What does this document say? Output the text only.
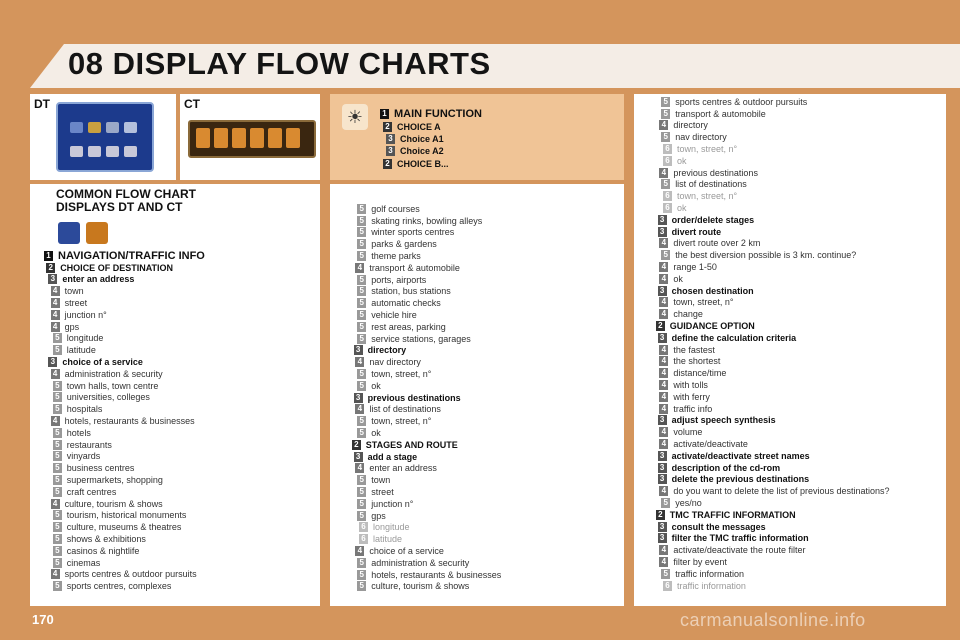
08 DISPLAY FLOW CHARTS
DT	CT
COMMON FLOW CHART
DISPLAYS DT AND CT
☀	1 MAIN FUNCTION
2 CHOICE A
3 Choice A1
3 Choice A2
2 CHOICE B...
1 NAVIGATION/TRAFFIC INFO
2 CHOICE OF DESTINATION
3 enter an address
4 town
4 street
4 junction n°
4 gps
5 longitude
5 latitude
3 choice of a service
4 administration & security
5 town halls, town centre
5 universities, colleges
5 hospitals
4 hotels, restaurants & businesses
5 hotels
5 restaurants
5 vinyards
5 business centres
5 supermarkets, shopping
5 craft centres
4 culture, tourism & shows
5 tourism, historical monuments
5 culture, museums & theatres
5 shows & exhibitions
5 casinos & nightlife
5 cinemas
4 sports centres & outdoor pursuits
5 sports centres, complexes
5 golf courses
5 skating rinks, bowling alleys
5 winter sports centres
5 parks & gardens
5 theme parks
4 transport & automobile
5 ports, airports
5 station, bus stations
5 automatic checks
5 vehicle hire
5 rest areas, parking
5 service stations, garages
3 directory
4 nav directory
5 town, street, n°
5 ok
3 previous destinations
4 list of destinations
5 town, street, n°
5 ok
2 STAGES AND ROUTE
3 add a stage
4 enter an address
5 town
5 street
5 junction n°
5 gps
6 longitude
6 latitude
4 choice of a service
5 administration & security
5 hotels, restaurants & businesses
5 culture, tourism & shows
5 sports centres & outdoor pursuits
5 transport & automobile
4 directory
5 nav directory
6 town, street, n°
6 ok
4 previous destinations
5 list of destinations
6 town, street, n°
6 ok
3 order/delete stages
3 divert route
4 divert route over 2 km
5 the best diversion possible is 3 km. continue?
4 range 1-50
4 ok
3 chosen destination
4 town, street, n°
4 change
2 GUIDANCE OPTION
3 define the calculation criteria
4 the fastest
4 the shortest
4 distance/time
4 with tolls
4 with ferry
4 traffic info
3 adjust speech synthesis
4 volume
4 activate/deactivate
3 activate/deactivate street names
3 description of the cd-rom
3 delete the previous destinations
4 do you want to delete the list of previous destinations?
5 yes/no
2 TMC TRAFFIC INFORMATION
3 consult the messages
3 filter the TMC traffic information
4 activate/deactivate the route filter
4 filter by event
5 traffic information
6 traffic information
170	carmanualsonline.info
